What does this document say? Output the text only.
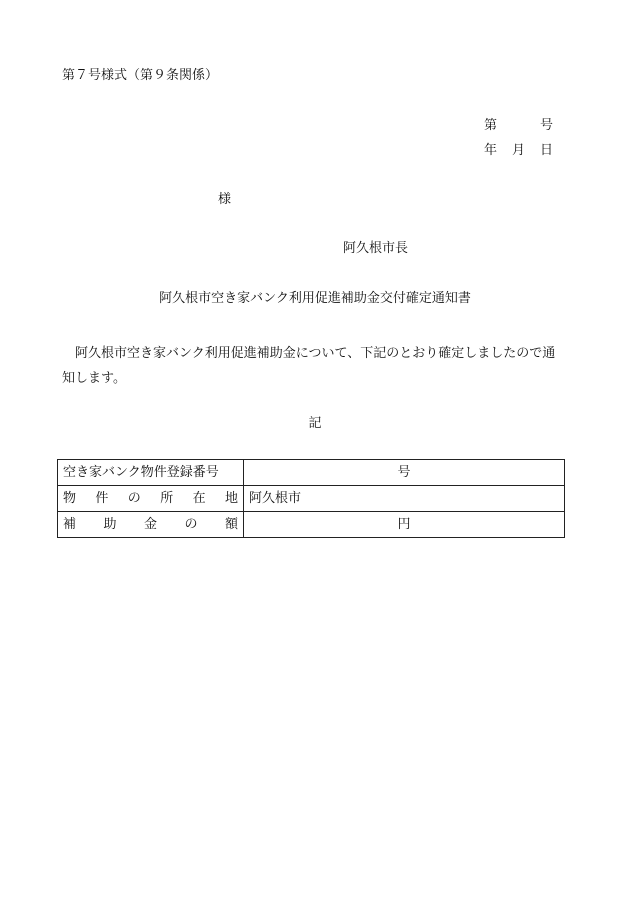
第７号様式（第９条関係）
第	号
年 月 日
様
阿久根市長
阿久根市空き家バンク利用促進補助金交付確定通知書
阿久根市空き家バンク利用促進補助金について、下記のとおり確定しましたので通知します。
記
空き家バンク物件登録番号	号
物 件 の 所 在 地	阿久根市
補 助 金 の 額	円
